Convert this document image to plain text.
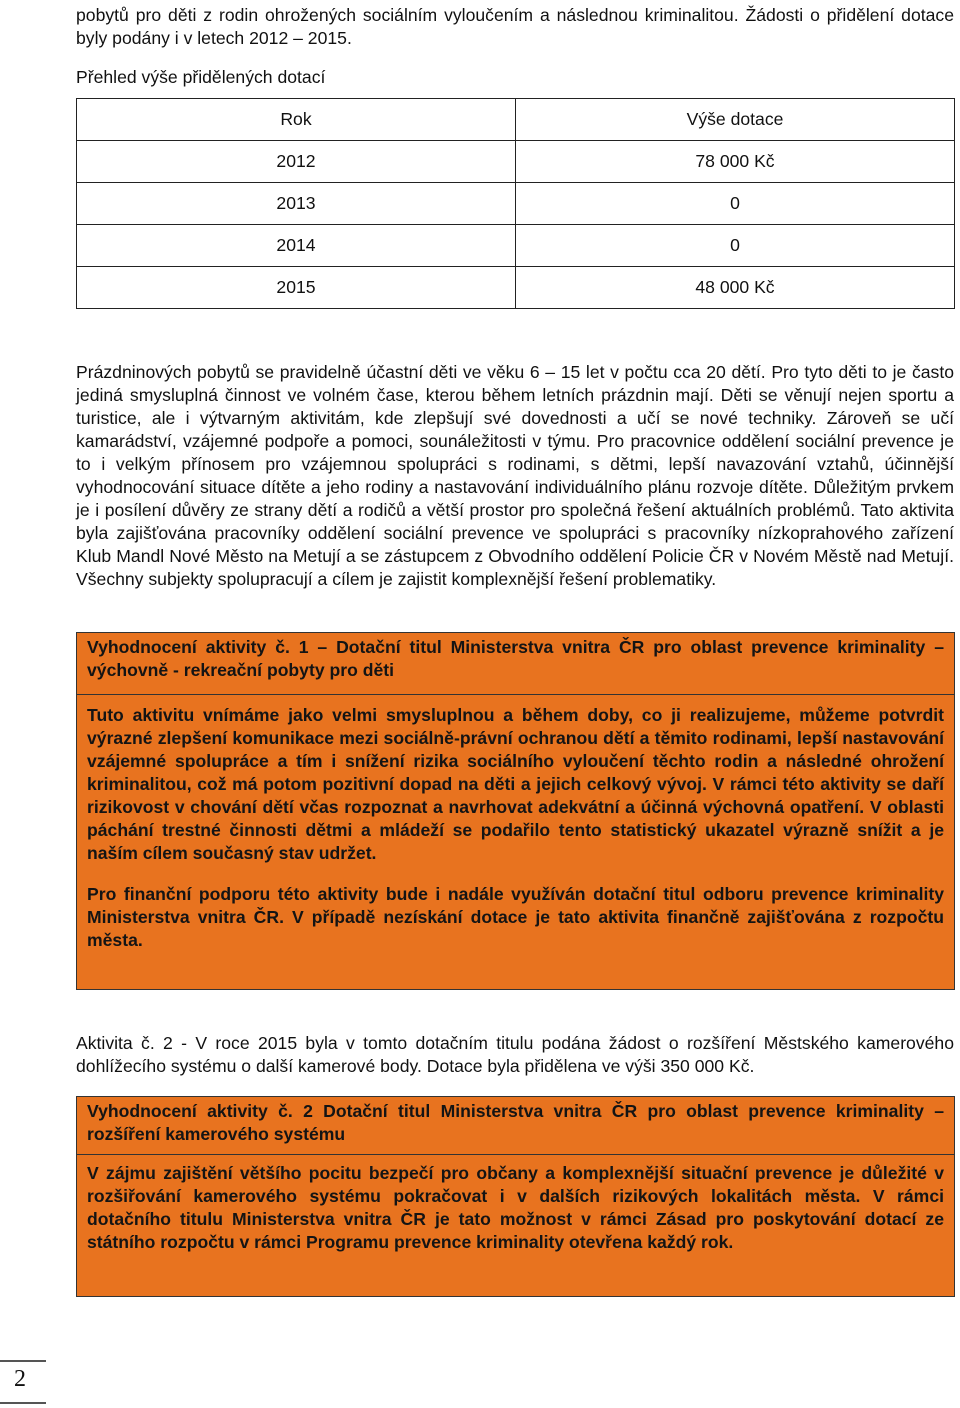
pobytů pro děti z rodin ohrožených sociálním vyloučením a následnou kriminalitou. Žádosti o přidělení dotace byly podány i v letech 2012 – 2015.

Přehled výše přidělených dotací

Rok	Výše dotace
2012	78 000 Kč
2013	0
2014	0
2015	48 000 Kč

Prázdninových pobytů se pravidelně účastní děti ve věku 6 – 15 let v počtu cca 20 dětí. Pro tyto děti to je často jediná smysluplná činnost ve volném čase, kterou během letních prázdnin mají. Děti se věnují nejen sportu a turistice, ale i výtvarným aktivitám, kde zlepšují své dovednosti a učí se nové techniky. Zároveň se učí kamarádství, vzájemné podpoře a pomoci, sounáležitosti v týmu. Pro pracovnice oddělení sociální prevence je to i velkým přínosem pro vzájemnou spolupráci s rodinami, s dětmi, lepší navazování vztahů, účinnější vyhodnocování situace dítěte a jeho rodiny a nastavování individuálního plánu rozvoje dítěte. Důležitým prvkem je i posílení důvěry ze strany dětí a rodičů a větší prostor pro společná řešení aktuálních problémů. Tato aktivita byla zajišťována pracovníky oddělení sociální prevence ve spolupráci s pracovníky nízkoprahového zařízení Klub Mandl Nové Město na Metují a se zástupcem z Obvodního oddělení Policie ČR v Novém Městě nad Metují. Všechny subjekty spolupracují a cílem je zajistit komplexnější řešení problematiky.

Vyhodnocení aktivity č. 1 – Dotační titul Ministerstva vnitra ČR pro oblast prevence kriminality – výchovně - rekreační pobyty pro děti

Tuto aktivitu vnímáme jako velmi smysluplnou a během doby, co ji realizujeme, můžeme potvrdit výrazné zlepšení komunikace mezi sociálně-právní ochranou dětí a těmito rodinami, lepší nastavování vzájemné spolupráce a tím i snížení rizika sociálního vyloučení těchto rodin a následné ohrožení kriminalitou, což má potom pozitivní dopad na děti a jejich celkový vývoj. V rámci této aktivity se daří rizikovost v chování dětí včas rozpoznat a navrhovat adekvátní a účinná výchovná opatření. V oblasti páchání trestné činnosti dětmi a mládeží se podařilo tento statistický ukazatel výrazně snížit a je naším cílem současný stav udržet.

Pro finanční podporu této aktivity bude i nadále využíván dotační titul odboru prevence kriminality Ministerstva vnitra ČR. V případě nezískání dotace je tato aktivita finančně zajišťována z rozpočtu města.

Aktivita č. 2 - V roce 2015 byla v tomto dotačním titulu podána žádost o rozšíření Městského kamerového dohlížecího systému o další kamerové body. Dotace byla přidělena ve výši 350 000 Kč.

Vyhodnocení aktivity č. 2 Dotační titul Ministerstva vnitra ČR pro oblast prevence kriminality – rozšíření kamerového systému

V zájmu zajištění většího pocitu bezpečí pro občany a komplexnější situační prevence je důležité v rozšiřování kamerového systému pokračovat i v dalších rizikových lokalitách města. V rámci dotačního titulu Ministerstva vnitra ČR je tato možnost v rámci Zásad pro poskytování dotací ze státního rozpočtu v rámci Programu prevence kriminality otevřena každý rok.

2
